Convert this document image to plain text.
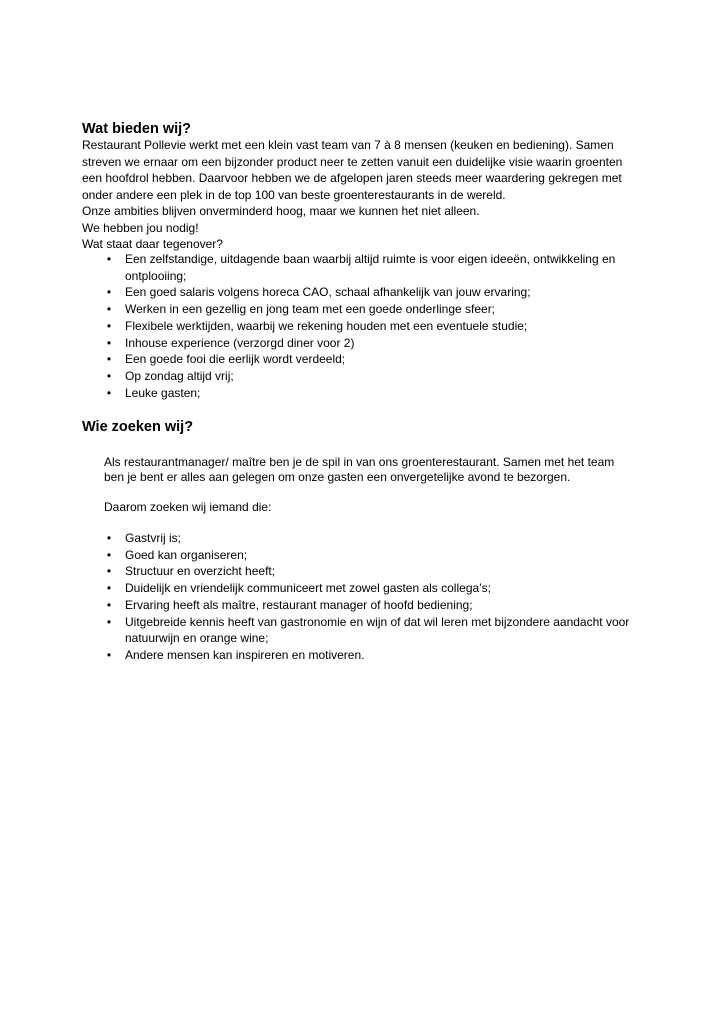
Wat bieden wij?
Restaurant Pollevie werkt met een klein vast team van 7 à 8 mensen (keuken en bediening). Samen
streven we ernaar om een bijzonder product neer te zetten vanuit een duidelijke visie waarin groenten
een hoofdrol hebben. Daarvoor hebben we de afgelopen jaren steeds meer waardering gekregen met
onder andere een plek in de top 100 van beste groenterestaurants in de wereld.
Onze ambities blijven onverminderd hoog, maar we kunnen het niet alleen.
We hebben jou nodig!
Wat staat daar tegenover?
• Een zelfstandige, uitdagende baan waarbij altijd ruimte is voor eigen ideeën, ontwikkeling en
ontplooiing;
• Een goed salaris volgens horeca CAO, schaal afhankelijk van jouw ervaring;
• Werken in een gezellig en jong team met een goede onderlinge sfeer;
• Flexibele werktijden, waarbij we rekening houden met een eventuele studie;
• Inhouse experience (verzorgd diner voor 2)
• Een goede fooi die eerlijk wordt verdeeld;
• Op zondag altijd vrij;
• Leuke gasten;
Wie zoeken wij?
Als restaurantmanager/ maître ben je de spil in van ons groenterestaurant. Samen met het team
ben je bent er alles aan gelegen om onze gasten een onvergetelijke avond te bezorgen.
Daarom zoeken wij iemand die:
• Gastvrij is;
• Goed kan organiseren;
• Structuur en overzicht heeft;
• Duidelijk en vriendelijk communiceert met zowel gasten als collega’s;
• Ervaring heeft als maître, restaurant manager of hoofd bediening;
• Uitgebreide kennis heeft van gastronomie en wijn of dat wil leren met bijzondere aandacht voor
natuurwijn en orange wine;
• Andere mensen kan inspireren en motiveren.
